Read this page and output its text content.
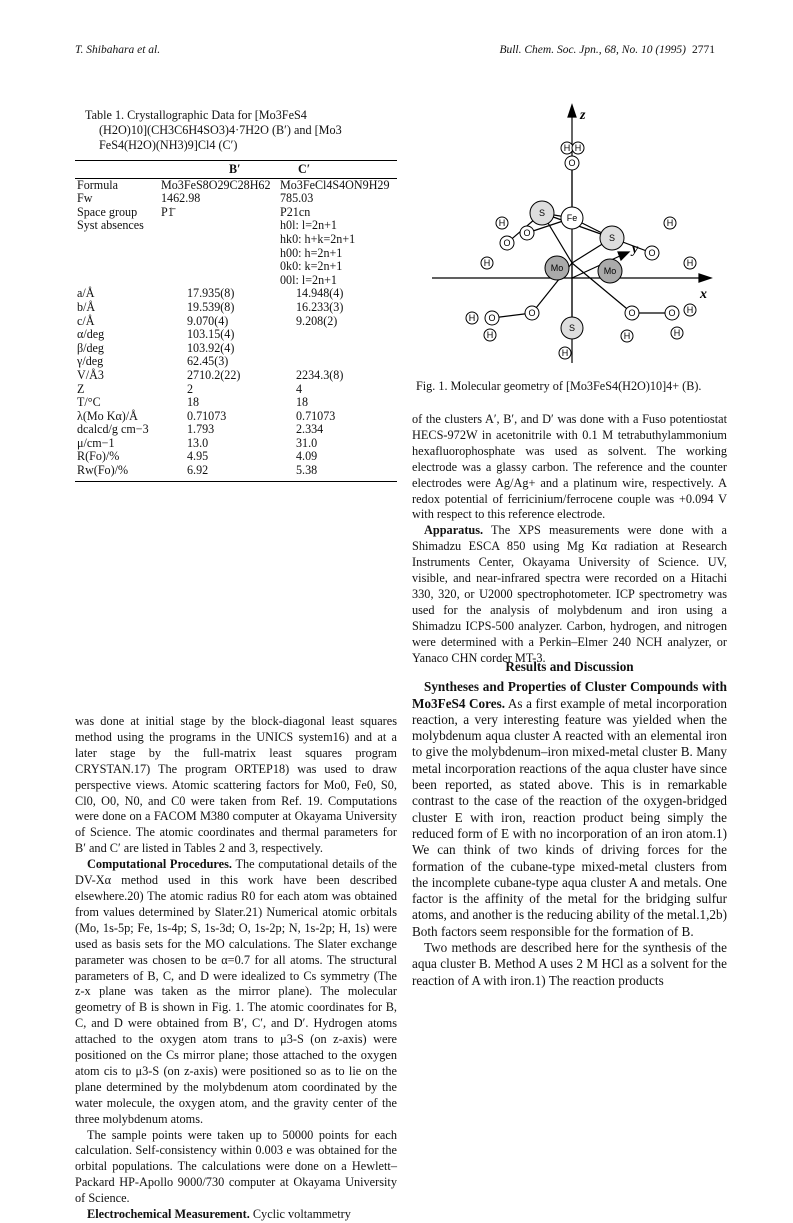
T. Shibahara et al.	Bull. Chem. Soc. Jpn., 68, No. 10 (1995) 2771
Table 1. Crystallographic Data for [Mo3FeS4
(H2O)10](CH3C6H4SO3)4·7H2O (B′) and [Mo3
FeS4(H2O)(NH3)9]Cl4 (C′)
	B′	C′
Formula	Mo3FeS8O29C28H62	Mo3FeCl4S4ON9H29
Fw	1462.98	785.03
Space group	P1̄	P21cn
Syst absences		h0l: l=2n+1
		hk0: h+k=2n+1
		h00: h=2n+1
		0k0: k=2n+1
		00l: l=2n+1

a/Å	17.935(8)	14.948(4)
b/Å	19.539(8)	16.233(3)
c/Å	9.070(4)	9.208(2)
α/deg	103.15(4)	
β/deg	103.92(4)	
γ/deg	62.45(3)	
V/Å3	2710.2(22)	2234.3(8)
Z	2	4
T/°C	18	18
λ(Mo Kα)/Å	0.71073	0.71073
dcalcd/g cm−3	1.793	2.334
μ/cm−1	13.0	31.0
R(Fo)/%	4.95	4.09
Rw(Fo)/%	6.92	5.38
H H
O
Fe
S
S
Mo	Mo
S
O
H
H
O
H
H
O
O
H
H
O	O H
H
H
O
H
z
y
x
Fig. 1. Molecular geometry of [Mo3FeS4(H2O)10]4+ (B).

was done at initial stage by the block-diagonal least squares method using the programs in the UNICS system16) and at a later stage by the full-matrix least squares program CRYSTAN.17) The program ORTEP18) was used to draw perspective views. Atomic scattering factors for Mo0, Fe0, S0, Cl0, O0, N0, and C0 were taken from Ref. 19. Computations were done on a FACOM M380 computer at Okayama University of Science. The atomic coordinates and thermal parameters for B′ and C′ are listed in Tables 2 and 3, respectively.

Computational Procedures. The computational details of the DV-Xα method used in this work have been described elsewhere.20) The atomic radius R0 for each atom was obtained from values determined by Slater.21) Numerical atomic orbitals (Mo, 1s-5p; Fe, 1s-4p; S, 1s-3d; O, 1s-2p; N, 1s-2p; H, 1s) were used as basis sets for the MO calculations. The Slater exchange parameter was chosen to be α=0.7 for all atoms. The structural parameters of B, C, and D were idealized to Cs symmetry (The z-x plane was taken as the mirror plane). The molecular geometry of B is shown in Fig. 1. The atomic coordinates for B, C, and D were obtained from B′, C′, and D′. Hydrogen atoms attached to the oxygen atom trans to μ3-S (on z-axis) were positioned on the Cs mirror plane; those attached to the oxygen atom cis to μ3-S (on z-axis) were positioned so as to lie on the plane determined by the molybdenum atom coordinated by the water molecule, the oxygen atom, and the gravity center of the three molybdenum atoms.

The sample points were taken up to 50000 points for each calculation. Self-consistency within 0.003 e was obtained for the orbital populations. The calculations were done on a Hewlett–Packard HP-Apollo 9000/730 computer at Okayama University of Science.

Electrochemical Measurement. Cyclic voltammetry

of the clusters A′, B′, and D′ was done with a Fuso potentiostat HECS-972W in acetonitrile with 0.1 M tetrabuthylammonium hexafluorophosphate was used as solvent. The working electrode was a glassy carbon. The reference and the counter electrodes were Ag/Ag+ and a platinum wire, respectively. A redox potential of ferricinium/ferrocene couple was +0.094 V with respect to this reference electrode.

Apparatus. The XPS measurements were done with a Shimadzu ESCA 850 using Mg Kα radiation at Research Instruments Center, Okayama University of Science. UV, visible, and near-infrared spectra were recorded on a Hitachi 330, 320, or U2000 spectrophotometer. ICP spectrometry was used for the analysis of molybdenum and iron using a Shimadzu ICPS-500 analyzer. Carbon, hydrogen, and nitrogen were determined with a Perkin–Elmer 240 NCH analyzer, or Yanaco CHN corder MT-3.

Results and Discussion

Syntheses and Properties of Cluster Compounds with Mo3FeS4 Cores. As a first example of metal incorporation reaction, a very interesting feature was yielded when the molybdenum aqua cluster A reacted with an elemental iron to give the molybdenum–iron mixed-metal cluster B. Many metal incorporation reactions of the aqua cluster have since been reported, as stated above. This is in remarkable contrast to the case of the reaction of the oxygen-bridged cluster E with iron, reaction product being simply the reduced form of E with no incorporation of an iron atom.1) We can think of two kinds of driving forces for the formation of the cubane-type mixed-metal clusters from the incomplete cubane-type aqua cluster A and metals. One factor is the affinity of the metal for the bridging sulfur atoms, and another is the reducing ability of the metal.1,2b) Both factors seem responsible for the formation of B.

Two methods are described here for the synthesis of the aqua cluster B. Method A uses 2 M HCl as a solvent for the reaction of A with iron.1) The reaction products
